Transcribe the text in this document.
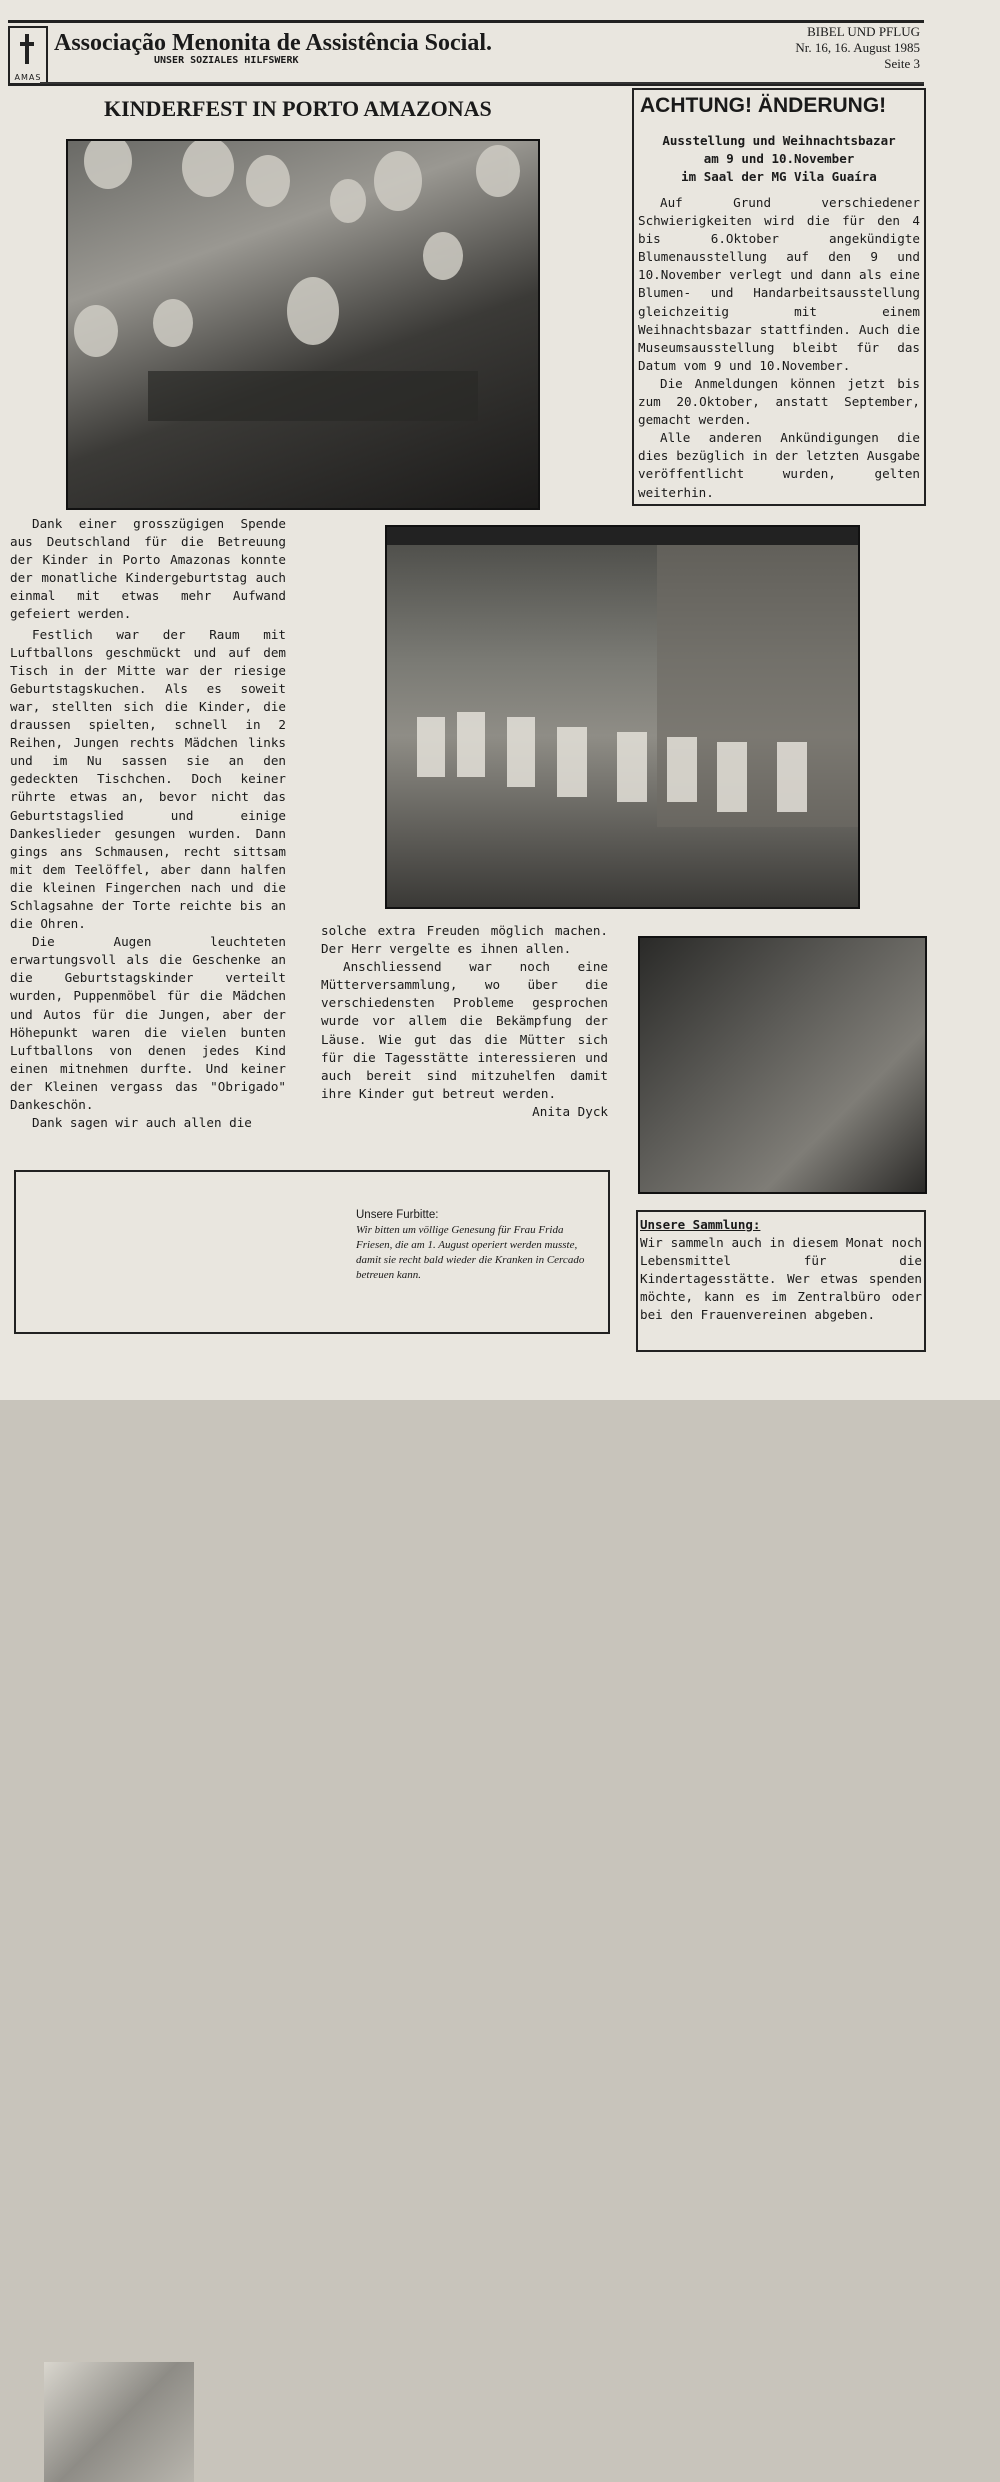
AMAS
Associação Menonita de Assistência Social.
UNSER SOZIALES HILFSWERK
BIBEL UND PFLUG
Nr. 16, 16. August 1985
Seite 3
KINDERFEST IN PORTO AMAZONAS	ACHTUNG! ÄNDERUNG!
Ausstellung und Weihnachtsbazar
am 9 und 10.November
im Saal der MG Vila Guaíra

Auf Grund verschiedener Schwierigkeiten wird die für den 4 bis 6.Oktober angekündigte Blumenausstellung auf den 9 und 10.November verlegt und dann als eine Blumen- und Handarbeitsausstellung gleichzeitig mit einem Weihnachtsbazar stattfinden. Auch die Museumsausstellung bleibt für das Datum vom 9 und 10.November.

Die Anmeldungen können jetzt bis zum 20.Oktober, anstatt September, gemacht werden.

Alle anderen Ankündigungen die dies bezüglich in der letzten Ausgabe veröffentlicht wurden, gelten weiterhin.

Dank einer grosszügigen Spende aus Deutschland für die Betreuung der Kinder in Porto Amazonas konnte der monatliche Kindergeburtstag auch einmal mit etwas mehr Aufwand gefeiert werden.

Festlich war der Raum mit Luftballons geschmückt und auf dem Tisch in der Mitte war der riesige Geburtstagskuchen. Als es soweit war, stellten sich die Kinder, die draussen spielten, schnell in 2 Reihen, Jungen rechts Mädchen links und im Nu sassen sie an den gedeckten Tischchen. Doch keiner rührte etwas an, bevor nicht das Geburtstagslied und einige Dankeslieder gesungen wurden. Dann gings ans Schmausen, recht sittsam mit dem Teelöffel, aber dann halfen die kleinen Fingerchen nach und die Schlagsahne der Torte reichte bis an die Ohren.

Die Augen leuchteten erwartungsvoll als die Geschenke an die Geburtstagskinder verteilt wurden, Puppenmöbel für die Mädchen und Autos für die Jungen, aber der Höhepunkt waren die vielen bunten Luftballons von denen jedes Kind einen mitnehmen durfte. Und keiner der Kleinen vergass das "Obrigado" Dankeschön.

Dank sagen wir auch allen die

solche extra Freuden möglich machen. Der Herr vergelte es ihnen allen.

Anschliessend war noch eine Mütterversammlung, wo über die verschiedensten Probleme gesprochen wurde vor allem die Bekämpfung der Läuse. Wie gut das die Mütter sich für die Tagesstätte interessieren und auch bereit sind mitzuhelfen damit ihre Kinder gut betreut werden.

Anita Dyck

Unsere Furbitte:
Wir bitten um völlige Genesung für Frau Frida Friesen, die am 1. August operiert werden musste, damit sie recht bald wieder die Kranken in Cercado betreuen kann.
Unsere Sammlung:
Wir sammeln auch in diesem Monat noch Lebensmittel für die Kindertagesstätte. Wer etwas spenden möchte, kann es im Zentralbüro oder bei den Frauenvereinen abgeben.
